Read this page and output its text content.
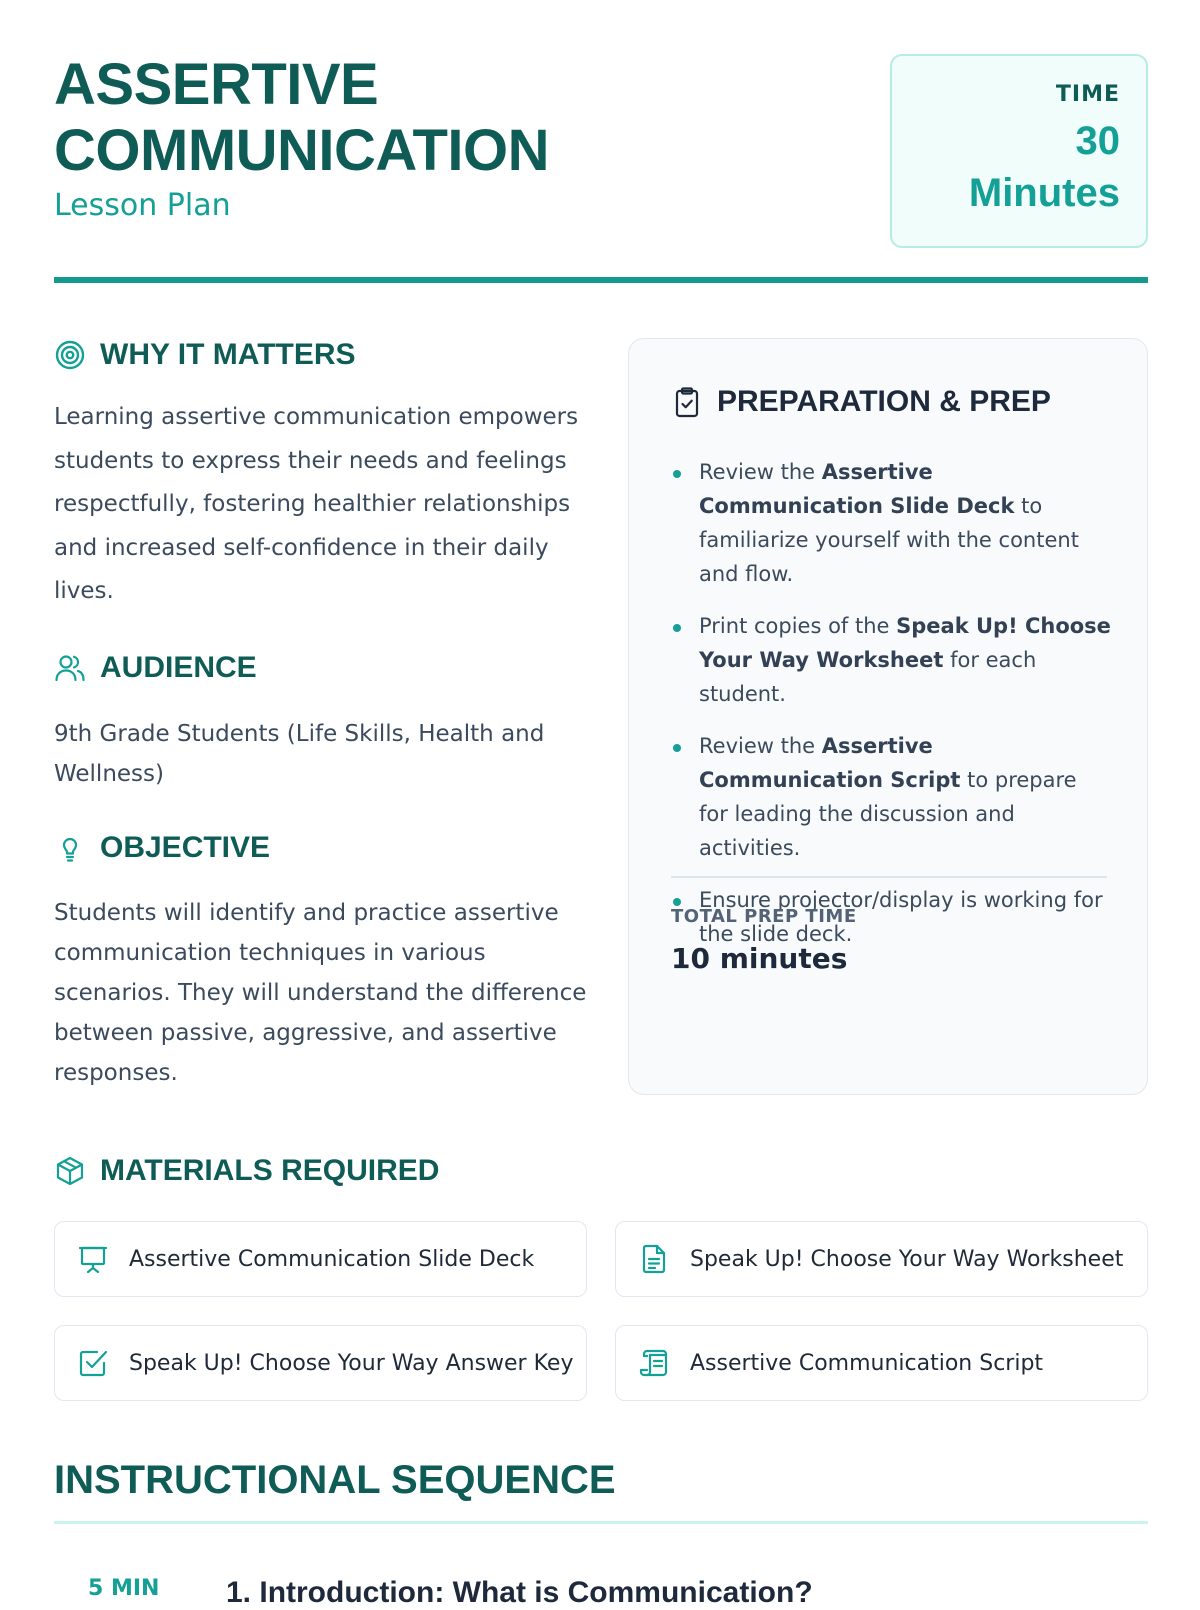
ASSERTIVE COMMUNICATION

Lesson Plan

TIME
30
Minutes
WHY IT MATTERS

Learning assertive communication empowers students to express their needs and feelings respectfully, fostering healthier relationships and increased self-confidence in their daily lives.

AUDIENCE

9th Grade Students (Life Skills, Health and Wellness)

OBJECTIVE

Students will identify and practice assertive communication techniques in various scenarios. They will understand the difference between passive, aggressive, and assertive responses.

PREPARATION & PREP
Review the Assertive Communication Slide Deck to familiarize yourself with the content and flow.
Print copies of the Speak Up! Choose Your Way Worksheet for each student.
Review the Assertive Communication Script to prepare for leading the discussion and activities.
Ensure projector/display is working for the slide deck.
TOTAL PREP TIME
10 minutes
MATERIALS REQUIRED
Assertive Communication Slide Deck	Speak Up! Choose Your Way Worksheet
Speak Up! Choose Your Way Answer Key	Assertive Communication Script
INSTRUCTIONAL SEQUENCE
5 MIN 1. Introduction: What is Communication?
